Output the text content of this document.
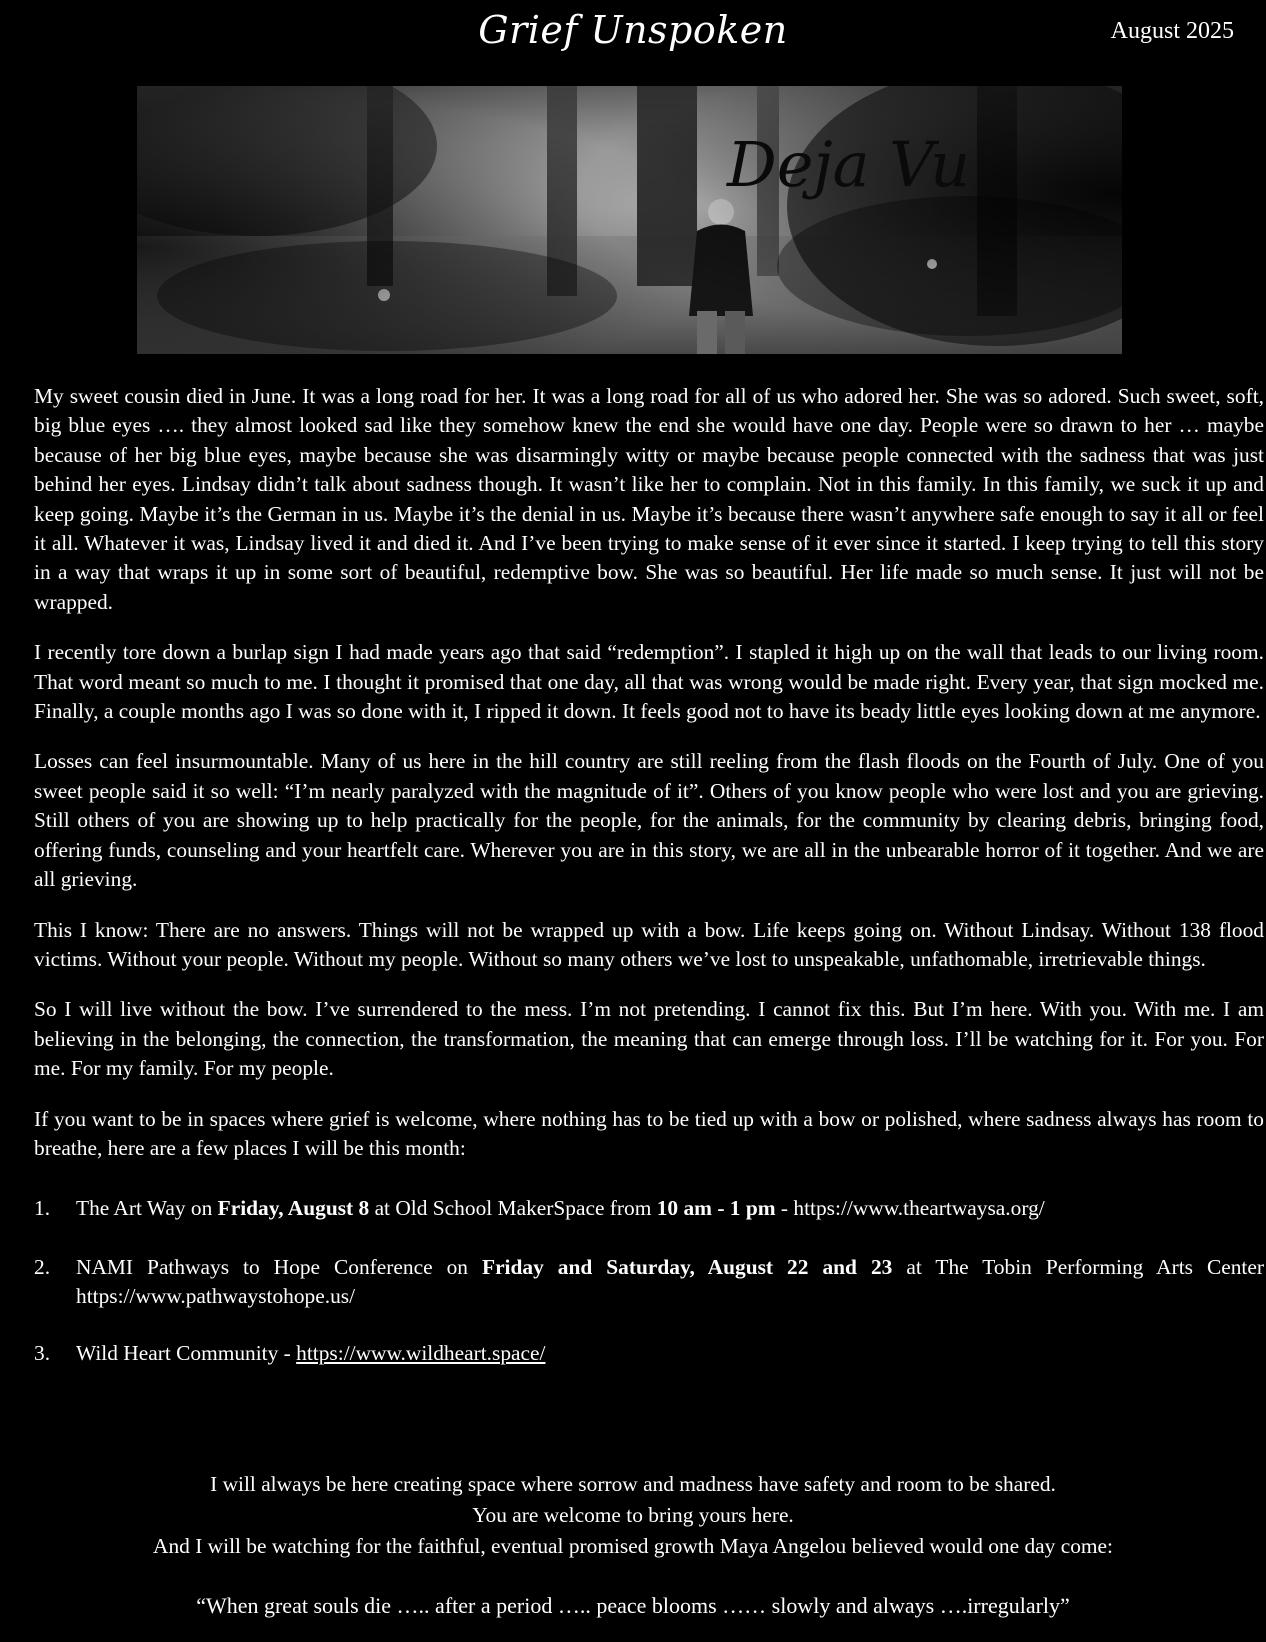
Grief Unspoken	August 2025
Deja Vu

My sweet cousin died in June. It was a long road for her. It was a long road for all of us who adored her. She was so adored. Such sweet, soft, big blue eyes …. they almost looked sad like they somehow knew the end she would have one day. People were so drawn to her … maybe because of her big blue eyes, maybe because she was disarmingly witty or maybe because people connected with the sadness that was just behind her eyes. Lindsay didn’t talk about sadness though. It wasn’t like her to complain. Not in this family. In this family, we suck it up and keep going. Maybe it’s the German in us. Maybe it’s the denial in us. Maybe it’s because there wasn’t anywhere safe enough to say it all or feel it all. Whatever it was, Lindsay lived it and died it. And I’ve been trying to make sense of it ever since it started. I keep trying to tell this story in a way that wraps it up in some sort of beautiful, redemptive bow. She was so beautiful. Her life made so much sense. It just will not be wrapped.

I recently tore down a burlap sign I had made years ago that said “redemption”. I stapled it high up on the wall that leads to our living room. That word meant so much to me. I thought it promised that one day, all that was wrong would be made right. Every year, that sign mocked me. Finally, a couple months ago I was so done with it, I ripped it down. It feels good not to have its beady little eyes looking down at me anymore.

Losses can feel insurmountable. Many of us here in the hill country are still reeling from the flash floods on the Fourth of July. One of you sweet people said it so well: “I’m nearly paralyzed with the magnitude of it”. Others of you know people who were lost and you are grieving. Still others of you are showing up to help practically for the people, for the animals, for the community by clearing debris, bringing food, offering funds, counseling and your heartfelt care. Wherever you are in this story, we are all in the unbearable horror of it together. And we are all grieving.

This I know: There are no answers. Things will not be wrapped up with a bow. Life keeps going on. Without Lindsay. Without 138 flood victims. Without your people. Without my people. Without so many others we’ve lost to unspeakable, unfathomable, irretrievable things.

So I will live without the bow. I’ve surrendered to the mess. I’m not pretending. I cannot fix this. But I’m here. With you. With me. I am believing in the belonging, the connection, the transformation, the meaning that can emerge through loss. I’ll be watching for it. For you. For me. For my family. For my people.

If you want to be in spaces where grief is welcome, where nothing has to be tied up with a bow or polished, where sadness always has room to breathe, here are a few places I will be this month:

1. The Art Way on Friday, August 8 at Old School MakerSpace from 10 am - 1 pm - https://www.theartwaysa.org/
2. NAMI Pathways to Hope Conference on Friday and Saturday, August 22 and 23 at The Tobin Performing Arts Center https://www.pathwaystohope.us/
3. Wild Heart Community - https://www.wildheart.space/
I will always be here creating space where sorrow and madness have safety and room to be shared.
You are welcome to bring yours here.
And I will be watching for the faithful, eventual promised growth Maya Angelou believed would one day come:
“When great souls die ….. after a period ….. peace blooms …… slowly and always ….irregularly”
